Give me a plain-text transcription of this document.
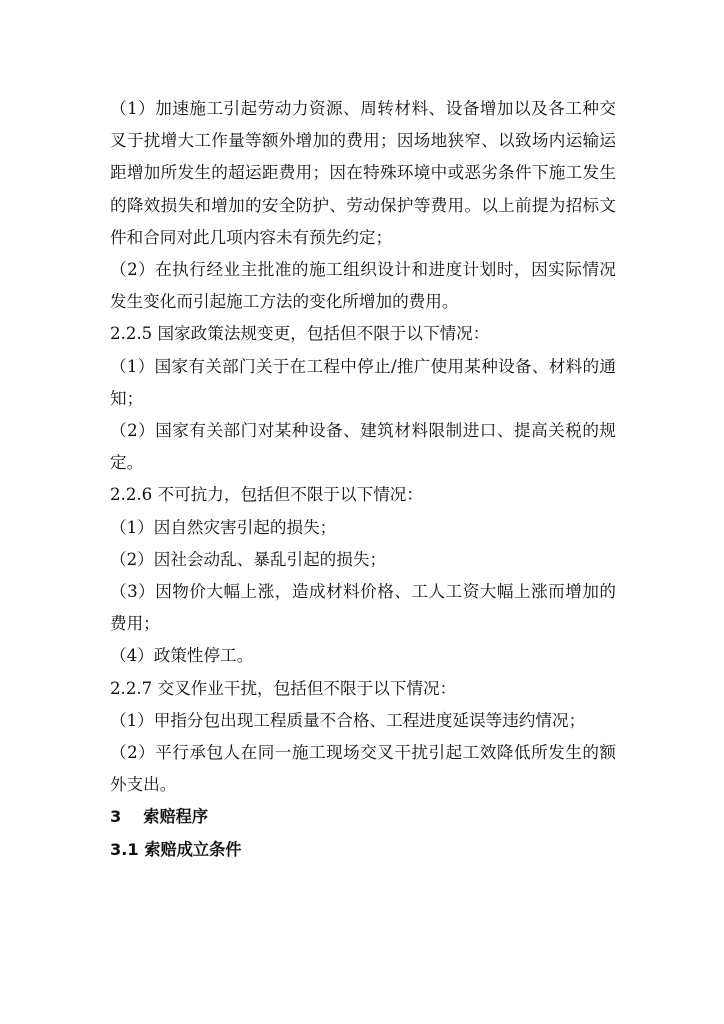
（1）加速施工引起劳动力资源、周转材料、设备增加以及各工种交叉于扰增大工作量等额外增加的费用；因场地狭窄、以致场内运输运距增加所发生的超运距费用；因在特殊环境中或恶劣条件下施工发生的降效损失和增加的安全防护、劳动保护等费用。以上前提为招标文件和合同对此几项内容未有预先约定；

（2）在执行经业主批准的施工组织设计和进度计划时，因实际情况发生变化而引起施工方法的变化所增加的费用。

2.2.5 国家政策法规变更，包括但不限于以下情况：

（1）国家有关部门关于在工程中停止/推广使用某种设备、材料的通知；

（2）国家有关部门对某种设备、建筑材料限制进口、提高关税的规定。

2.2.6 不可抗力，包括但不限于以下情况：

（1）因自然灾害引起的损失；

（2）因社会动乱、暴乱引起的损失；

（3）因物价大幅上涨，造成材料价格、工人工资大幅上涨而增加的费用；

（4）政策性停工。

2.2.7 交叉作业干扰，包括但不限于以下情况：

（1）甲指分包出现工程质量不合格、工程进度延误等违约情况；

（2）平行承包人在同一施工现场交叉干扰引起工效降低所发生的额外支出。

3 索赔程序

3.1 索赔成立条件
